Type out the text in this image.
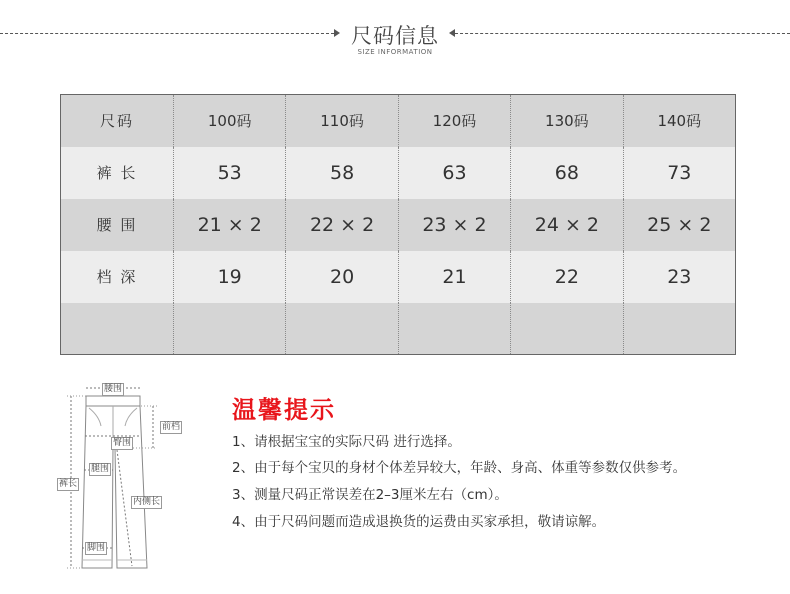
尺码信息
SIZE INFORMATION
尺码	100码	110码	120码	130码	140码
裤 长	53	58	63	68	73
腰 围	21 × 2	22 × 2	23 × 2	24 × 2	25 × 2
档 深	19	20	21	22	23

腰围
前档
臀围
腿围
裤长
内侧长
脚围
温馨提示
1、请根据宝宝的实际尺码 进行选择。
2、由于每个宝贝的身材个体差异较大，年龄、身高、体重等参数仅供参考。
3、测量尺码正常误差在2–3厘米左右（cm）。
4、由于尺码问题而造成退换货的运费由买家承担，敬请谅解。
